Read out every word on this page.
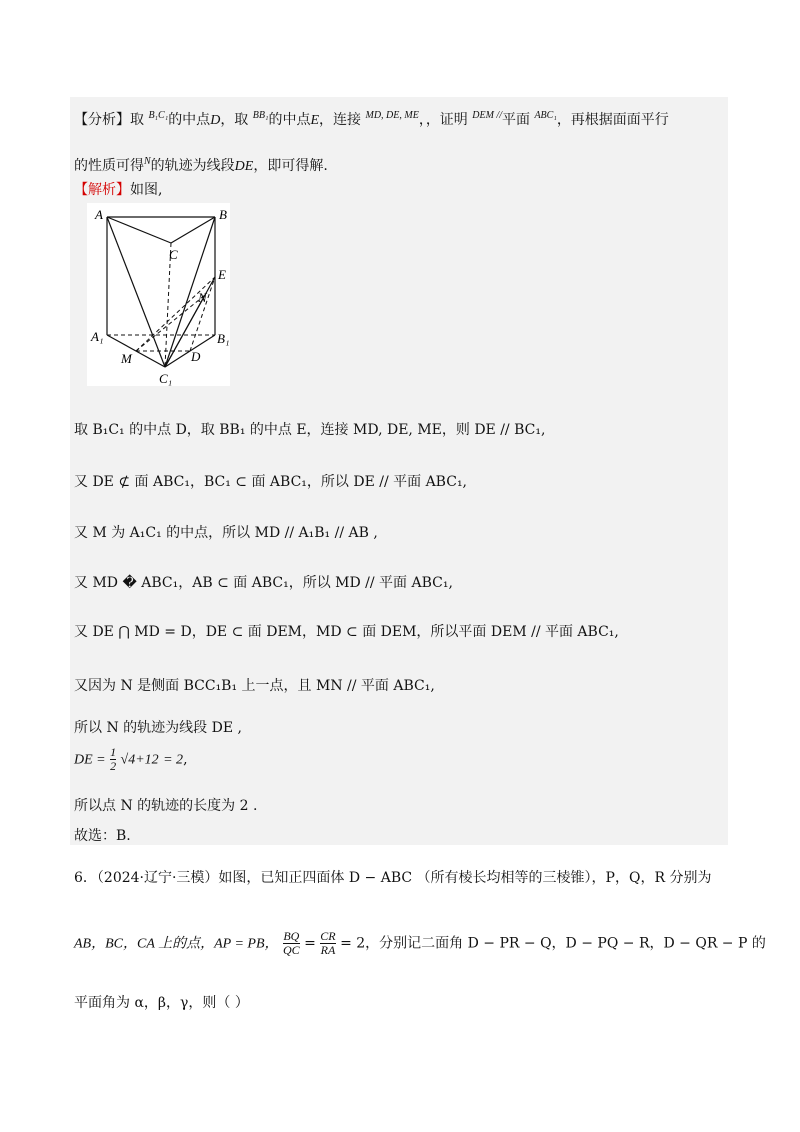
【分析】取 $^{B_1C_1}$的中点D，取 $^{BB_1}$的中点E，连接 $^{MD, DE, ME}$，，证明 $^{DEM //}$平面 $^{ABC_1}$，再根据面面平行
的性质可得$^N$的轨迹为线段DE，即可得解.
【解析】如图,
A	B
C
E
N
A₁	B₁
M	D
C₁
取 B₁C₁ 的中点 D，取 BB₁ 的中点 E，连接 MD, DE, ME，则 DE // BC₁,
又 DE ⊄ 面 ABC₁，BC₁ ⊂ 面 ABC₁，所以 DE // 平面 ABC₁,
又 M 为 A₁C₁ 的中点，所以 MD // A₁B₁ // AB ,
又 MD � ABC₁，AB ⊂ 面 ABC₁，所以 MD // 平面 ABC₁,
又 DE ⋂ MD = D，DE ⊂ 面 DEM，MD ⊂ 面 DEM，所以平面 DEM // 平面 ABC₁,
又因为 N 是侧面 BCC₁B₁ 上一点，且 MN // 平面 ABC₁,
所以 N 的轨迹为线段 DE ,
DE = $\frac{1}{2} √4+12 = 2$,
所以点 N 的轨迹的长度为 2 .
故选：B.
6．（2024·辽宁·三模）如图，已知正四面体 D − ABC （所有棱长均相等的三棱锥），P，Q，R 分别为
AB，BC，CA 上的点，AP = PB， $\frac{BQ}{QC} = \frac{CR}{RA} = 2$，分别记二面角 D − PR − Q，D − PQ − R，D − QR − P 的
平面角为 α，β，γ，则（ ）
